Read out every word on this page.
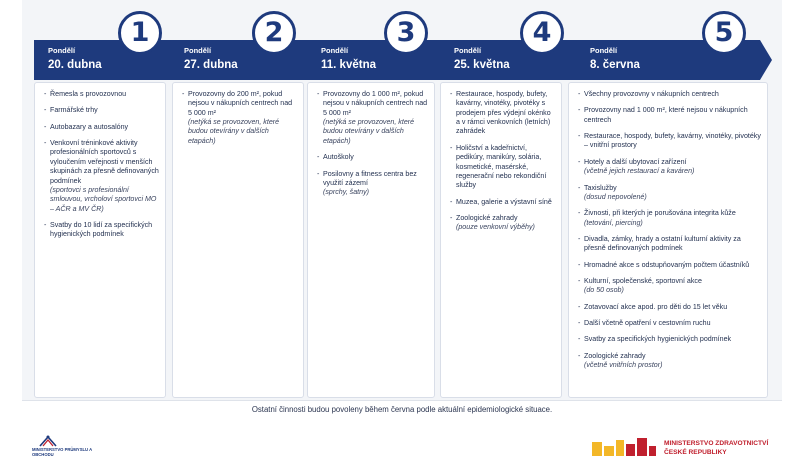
Pondělí
20. dubna
1
Pondělí
27. dubna
2
Pondělí
11. května
3
Pondělí
25. května
4
Pondělí
8. června
5
- Řemesla s provozovnou
- Farmářské trhy
- Autobazary a autosalóny
- Venkovní tréninkové aktivity profesionálních sportovců s vyloučením veřejnosti v menších skupinách za přesně definovaných podmínek
(sportovci s profesionální smlouvou, vrcholoví sportovci MO – AČR a MV ČR)
- Svatby do 10 lidí za specifických hygienických podmínek
- Provozovny do 200 m², pokud nejsou v nákupních centrech nad 5 000 m²
(netýká se provozoven, které budou otevírány v dalších etapách)
- Provozovny do 1 000 m², pokud nejsou v nákupních centrech nad 5 000 m²
(netýká se provozoven, které budou otevírány v dalších etapách)
- Autoškoly
- Posilovny a fitness centra bez využití zázemí
(sprchy, šatny)
- Restaurace, hospody, bufety, kavárny, vinotéky, pivotéky s prodejem přes výdejní okénko a v rámci venkovních (letních) zahrádek
- Holičství a kadeřnictví, pedikúry, manikúry, solária, kosmetické, masérské, regenerační nebo rekondiční služby
- Muzea, galerie a výstavní síně
- Zoologické zahrady
(pouze venkovní výběhy)
- Všechny provozovny v nákupních centrech
- Provozovny nad 1 000 m², které nejsou v nákupních centrech
- Restaurace, hospody, bufety, kavárny, vinotéky, pivotéky – vnitřní prostory
- Hotely a další ubytovací zařízení
(včetně jejich restaurací a kaváren)
- Taxislužby
(dosud nepovolené)
- Živnosti, při kterých je porušována integrita kůže
(tetování, piercing)
- Divadla, zámky, hrady a ostatní kulturní aktivity za přesně definovaných podmínek
- Hromadné akce s odstupňovaným počtem účastníků
- Kulturní, společenské, sportovní akce
(do 50 osob)
- Zotavovací akce apod. pro děti do 15 let věku
- Další včetně opatření v cestovním ruchu
- Svatby za specifických hygienických podmínek
- Zoologické zahrady
(včetně vnitřních prostor)
Ostatní činnosti budou povoleny během června podle aktuální epidemiologické situace.
MINISTERSTVO PRŮMYSLU A OBCHODU
MINISTERSTVO ZDRAVOTNICTVÍ
ČESKÉ REPUBLIKY
